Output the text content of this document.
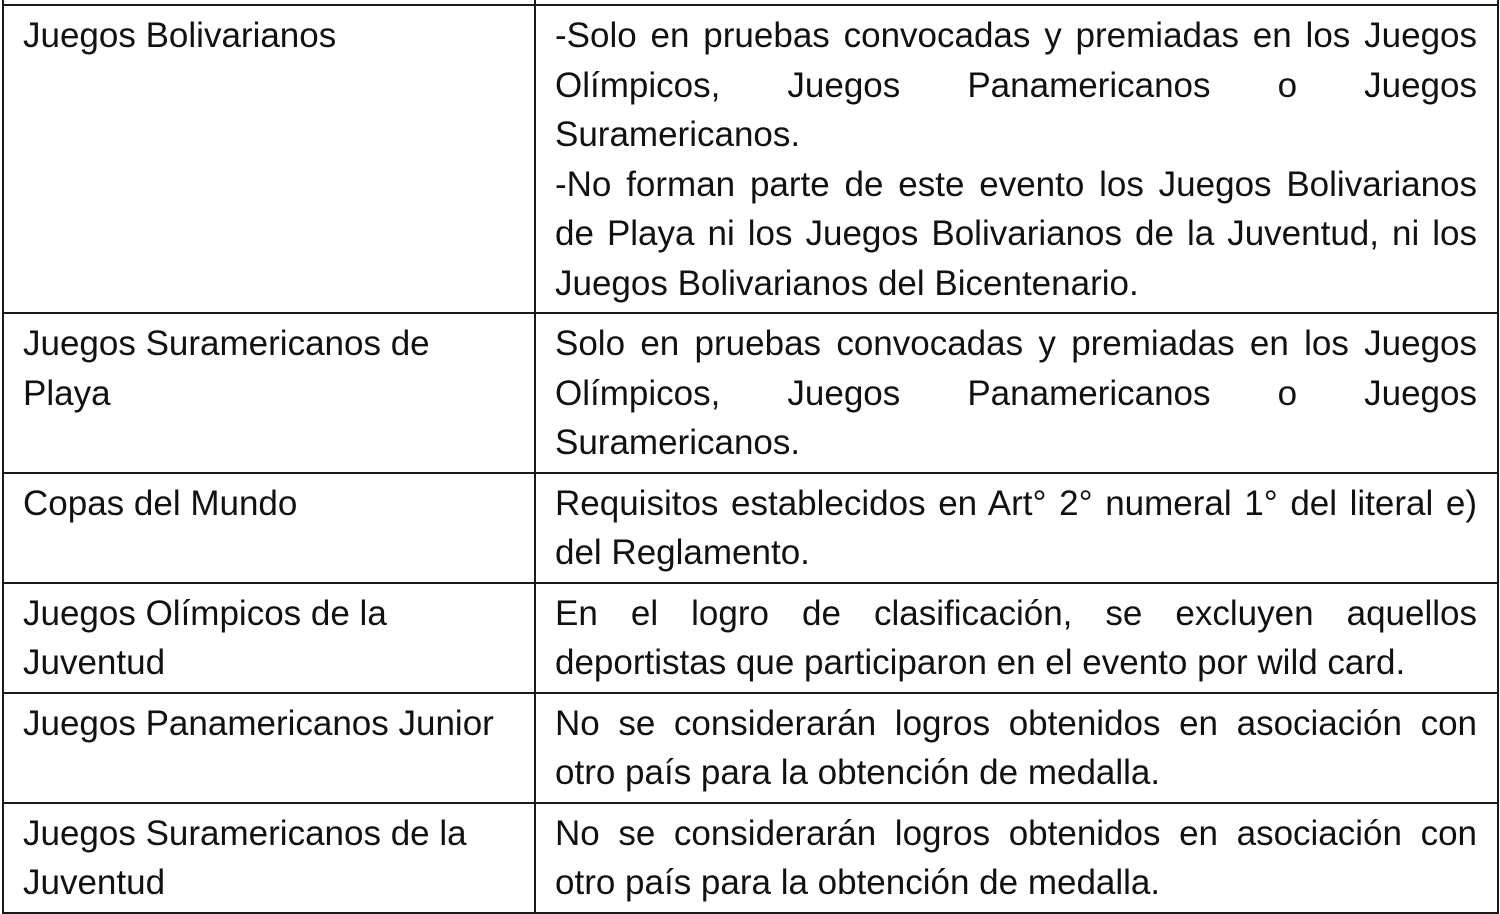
Juegos Bolivarianos	-Solo en pruebas convocadas y premiadas en los Juegos Olímpicos, Juegos Panamericanos o Juegos Suramericanos.
-No forman parte de este evento los Juegos Bolivarianos de Playa ni los Juegos Bolivarianos de la Juventud, ni los Juegos Bolivarianos del Bicentenario.

Juegos Suramericanos de Playa	Solo en pruebas convocadas y premiadas en los Juegos Olímpicos, Juegos Panamericanos o Juegos Suramericanos.

Copas del Mundo	Requisitos establecidos en Art° 2° numeral 1° del literal e) del Reglamento.

Juegos Olímpicos de la Juventud	En el logro de clasificación, se excluyen aquellos deportistas que participaron en el evento por wild card.

Juegos Panamericanos Junior	No se considerarán logros obtenidos en asociación con otro país para la obtención de medalla.

Juegos Suramericanos de la Juventud	No se considerarán logros obtenidos en asociación con otro país para la obtención de medalla.
